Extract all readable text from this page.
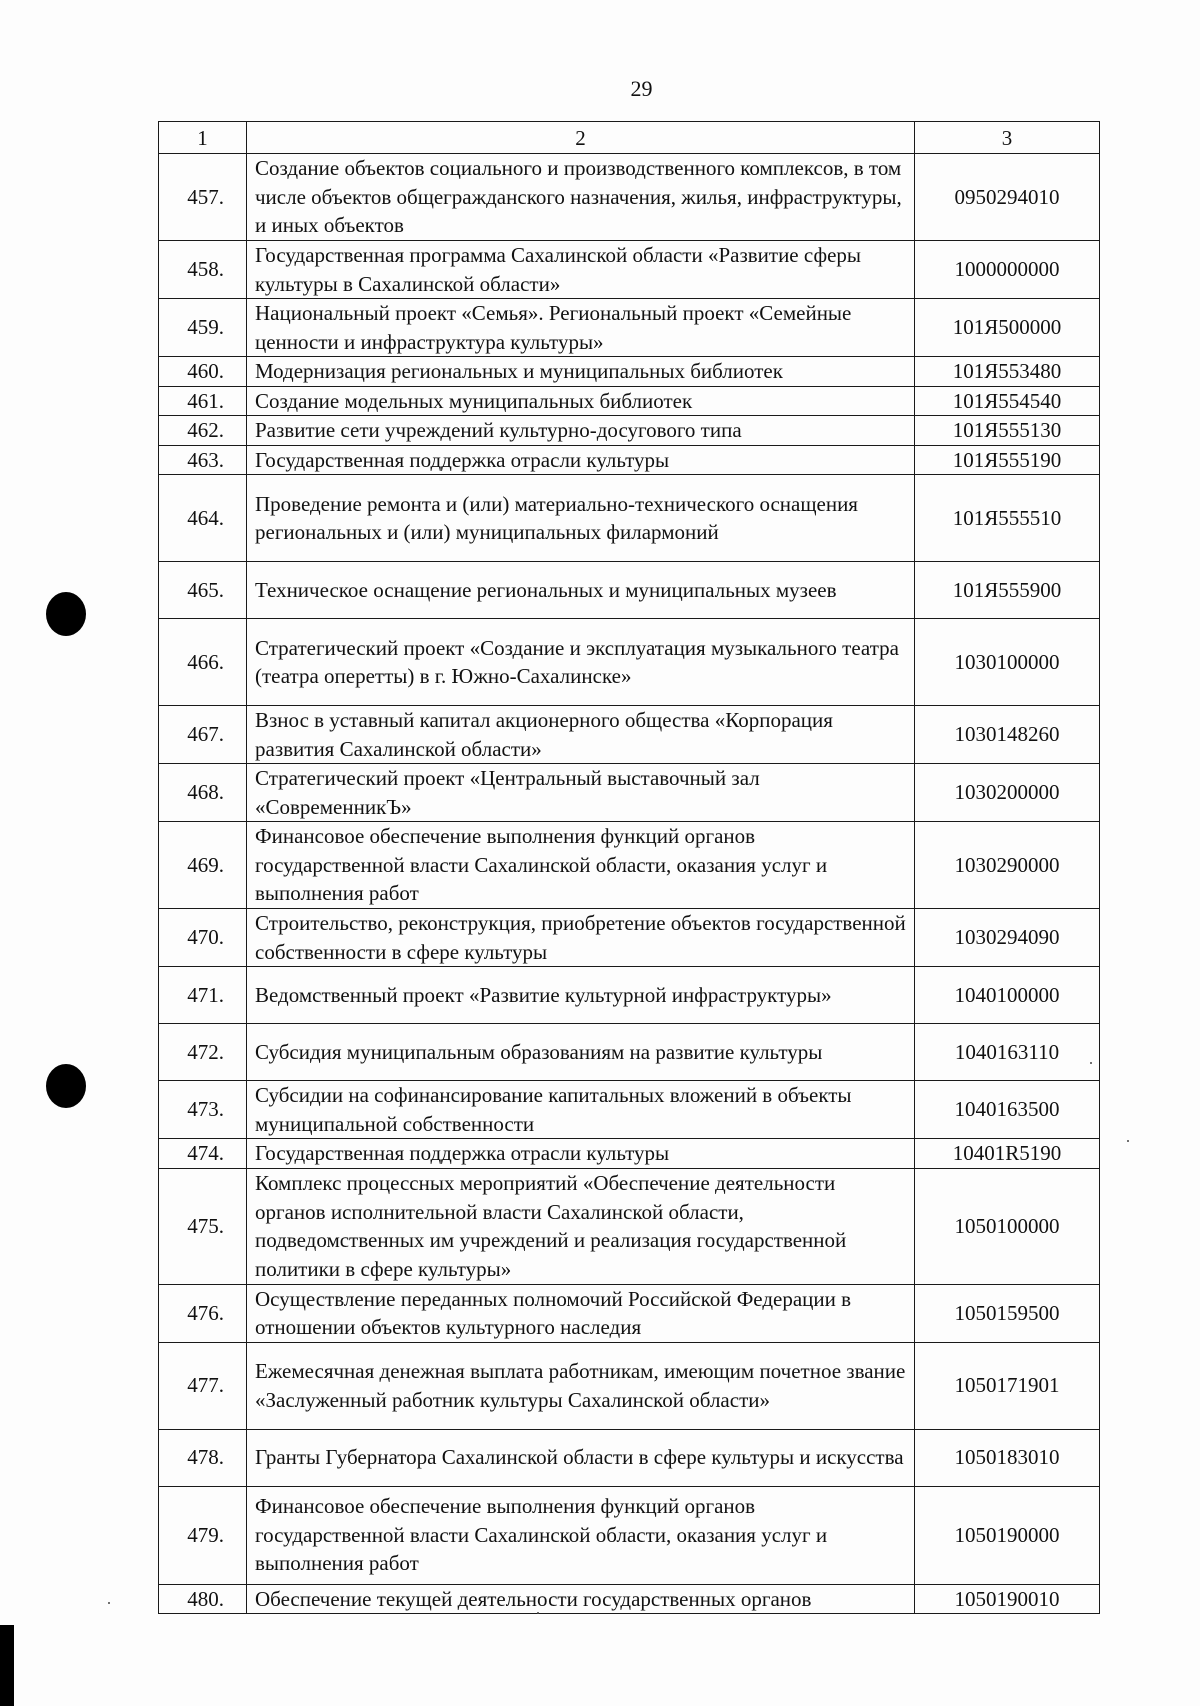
29
1	2	3
457.	Создание объектов социального и производственного комплексов, в том числе объектов общегражданского назначения, жилья, инфраструктуры, и иных объектов	0950294010
458.	Государственная программа Сахалинской области «Развитие сферы культуры в Сахалинской области»	1000000000
459.	Национальный проект «Семья». Региональный проект «Семейные ценности и инфраструктура культуры»	101Я500000
460.	Модернизация региональных и муниципальных библиотек	101Я553480
461.	Создание модельных муниципальных библиотек	101Я554540
462.	Развитие сети учреждений культурно-досугового типа	101Я555130
463.	Государственная поддержка отрасли культуры	101Я555190
464.	Проведение ремонта и (или) материально-технического оснащения региональных и (или) муниципальных филармоний	101Я555510
465.	Техническое оснащение региональных и муниципальных музеев	101Я555900
466.	Стратегический проект «Создание и эксплуатация музыкального театра (театра оперетты) в г. Южно-Сахалинске»	1030100000
467.	Взнос в уставный капитал акционерного общества «Корпорация развития Сахалинской области»	1030148260
468.	Стратегический проект «Центральный выставочный зал «СовременникЪ»	1030200000
469.	Финансовое обеспечение выполнения функций органов государственной власти Сахалинской области, оказания услуг и выполнения работ	1030290000
470.	Строительство, реконструкция, приобретение объектов государственной собственности в сфере культуры	1030294090
471.	Ведомственный проект «Развитие культурной инфраструктуры»	1040100000
472.	Субсидия муниципальным образованиям на развитие культуры	1040163110
473.	Субсидии на софинансирование капитальных вложений в объекты муниципальной собственности	1040163500
474.	Государственная поддержка отрасли культуры	10401R5190
475.	Комплекс процессных мероприятий «Обеспечение деятельности органов исполнительной власти Сахалинской области, подведомственных им учреждений и реализация государственной политики в сфере культуры»	1050100000
476.	Осуществление переданных полномочий Российской Федерации в отношении объектов культурного наследия	1050159500
477.	Ежемесячная денежная выплата работникам, имеющим почетное звание «Заслуженный работник культуры Сахалинской области»	1050171901
478.	Гранты Губернатора Сахалинской области в сфере культуры и искусства	1050183010
479.	Финансовое обеспечение выполнения функций органов государственной власти Сахалинской области, оказания услуг и выполнения работ	1050190000
480.	Обеспечение текущей деятельности государственных органов	1050190010
